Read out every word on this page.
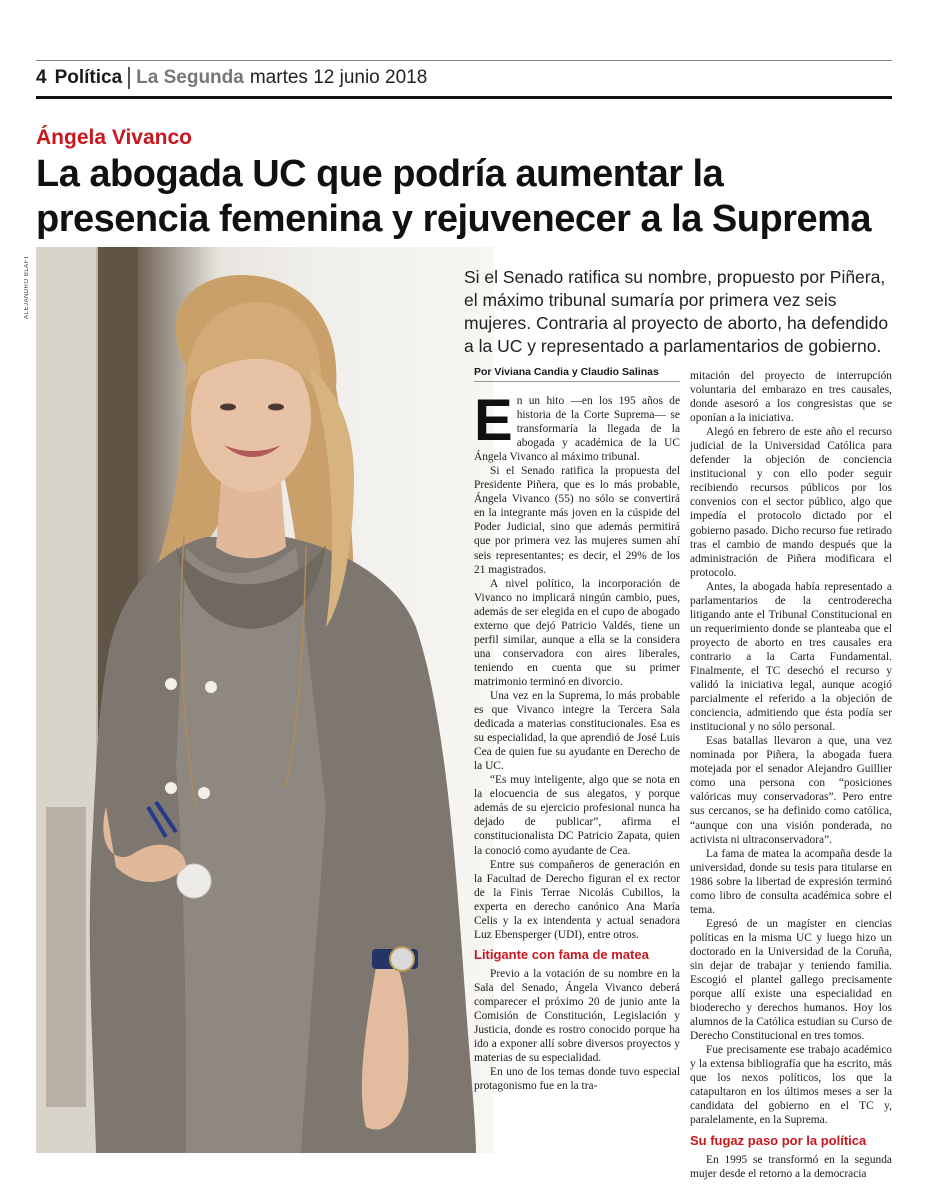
4 Política La Segunda martes 12 junio 2018
Ángela Vivanco
La abogada UC que podría aumentar la presencia femenina y rejuvenecer a la Suprema
ALEJANDRO BLAFT	Si el Senado ratifica su nombre, propuesto por Piñera, el máximo tribunal sumaría por primera vez seis mujeres. Contraria al proyecto de aborto, ha defendido a la UC y representado a parlamentarios de gobierno.

Por Viviana Candia y Claudio Salinas

En un hito —en los 195 años de historia de la Corte Suprema— se transformaría la llegada de la abogada y académica de la UC Ángela Vivanco al máximo tribunal.

Si el Senado ratifica la propuesta del Presidente Piñera, que es lo más probable, Ángela Vivanco (55) no sólo se convertirá en la integrante más joven en la cúspide del Poder Judicial, sino que además permitirá que por primera vez las mujeres sumen ahí seis representantes; es decir, el 29% de los 21 magistrados.

A nivel político, la incorporación de Vivanco no implicará ningún cambio, pues, además de ser elegida en el cupo de abogado externo que dejó Patricio Valdés, tiene un perfil similar, aunque a ella se la considera una conservadora con aires liberales, teniendo en cuenta que su primer matrimonio terminó en divorcio.

Una vez en la Suprema, lo más probable es que Vivanco integre la Tercera Sala dedicada a materias constitucionales. Esa es su especialidad, la que aprendió de José Luis Cea de quien fue su ayudante en Derecho de la UC.

“Es muy inteligente, algo que se nota en la elocuencia de sus alegatos, y porque además de su ejercicio profesional nunca ha dejado de publicar”, afirma el constitucionalista DC Patricio Zapata, quien la conoció como ayudante de Cea.

Entre sus compañeros de generación en la Facultad de Derecho figuran el ex rector de la Finis Terrae Nicolás Cubillos, la experta en derecho canónico Ana María Celis y la ex intendenta y actual senadora Luz Ebensperger (UDI), entre otros.

Litigante con fama de matea

Previo a la votación de su nombre en la Sala del Senado, Ángela Vivanco deberá comparecer el próximo 20 de junio ante la Comisión de Constitución, Legislación y Justicia, donde es rostro conocido porque ha ido a exponer allí sobre diversos proyectos y materias de su especialidad.

En uno de los temas donde tuvo especial protagonismo fue en la tra-

mitación del proyecto de interrupción voluntaria del embarazo en tres causales, donde asesoró a los congresistas que se oponían a la iniciativa.

Alegó en febrero de este año el recurso judicial de la Universidad Católica para defender la objeción de conciencia institucional y con ello poder seguir recibiendo recursos públicos por los convenios con el sector público, algo que impedía el protocolo dictado por el gobierno pasado. Dicho recurso fue retirado tras el cambio de mando después que la administración de Piñera modificara el protocolo.

Antes, la abogada había representado a parlamentarios de la centroderecha litigando ante el Tribunal Constitucional en un requerimiento donde se planteaba que el proyecto de aborto en tres causales era contrario a la Carta Fundamental. Finalmente, el TC desechó el recurso y validó la iniciativa legal, aunque acogió parcialmente el referido a la objeción de conciencia, admitiendo que ésta podía ser institucional y no sólo personal.

Esas batallas llevaron a que, una vez nominada por Piñera, la abogada fuera motejada por el senador Alejandro Guillier como una persona con “posiciones valóricas muy conservadoras”. Pero entre sus cercanos, se ha definido como católica, “aunque con una visión ponderada, no activista ni ultraconservadora”.

La fama de matea la acompaña desde la universidad, donde su tesis para titularse en 1986 sobre la libertad de expresión terminó como libro de consulta académica sobre el tema.

Egresó de un magíster en ciencias políticas en la misma UC y luego hizo un doctorado en la Universidad de la Coruña, sin dejar de trabajar y teniendo familia. Escogió el plantel gallego precisamente porque allí existe una especialidad en bioderecho y derechos humanos. Hoy los alumnos de la Católica estudian su Curso de Derecho Constitucional en tres tomos.

Fue precisamente ese trabajo académico y la extensa bibliografía que ha escrito, más que los nexos políticos, los que la catapultaron en los últimos meses a ser la candidata del gobierno en el TC y, paralelamente, en la Suprema.

Su fugaz paso por la política

En 1995 se transformó en la segunda mujer desde el retorno a la democracia
